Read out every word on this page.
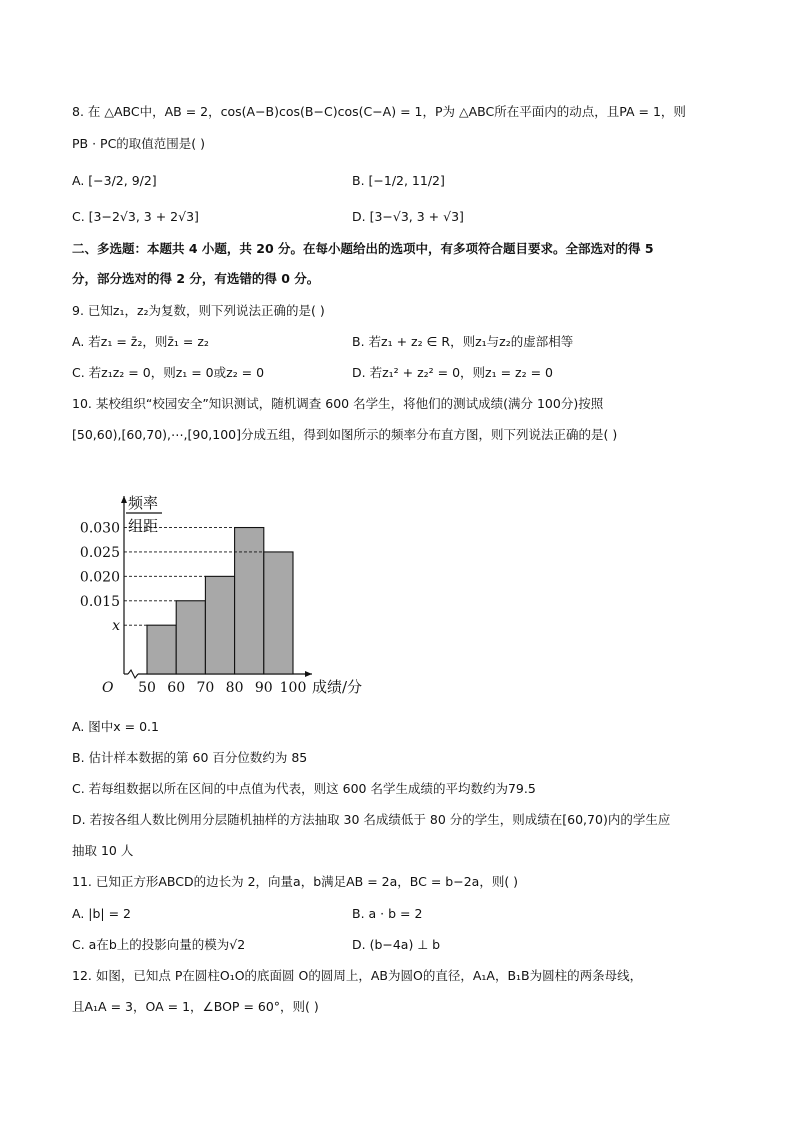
8. 在 △ABC中，AB = 2，cos(A−B)cos(B−C)cos(C−A) = 1，P为 △ABC所在平面内的动点，且PA = 1，则
PB · PC的取值范围是( )
A. [−3/2, 9/2]	B. [−1/2, 11/2]
C. [3−2√3, 3 + 2√3]	D. [3−√3, 3 + √3]
二、多选题：本题共 4 小题，共 20 分。在每小题给出的选项中，有多项符合题目要求。全部选对的得 5
分，部分选对的得 2 分，有选错的得 0 分。
9. 已知z₁，z₂为复数，则下列说法正确的是( )
A. 若z₁ = z̄₂，则z̄₁ = z₂	B. 若z₁ + z₂ ∈ R，则z₁与z₂的虚部相等
C. 若z₁z₂ = 0，则z₁ = 0或z₂ = 0	D. 若z₁² + z₂² = 0，则z₁ = z₂ = 0
10. 某校组织“校园安全”知识测试，随机调查 600 名学生，将他们的测试成绩(满分 100分)按照
[50,60),[60,70),⋯,[90,100]分成五组，得到如图所示的频率分布直方图，则下列说法正确的是( )
频率
组距
x
0.015
0.020
0.025
0.030
50 60 70 80 90 100
O	成绩/分
A. 图中x = 0.1
B. 估计样本数据的第 60 百分位数约为 85
C. 若每组数据以所在区间的中点值为代表，则这 600 名学生成绩的平均数约为79.5
D. 若按各组人数比例用分层随机抽样的方法抽取 30 名成绩低于 80 分的学生，则成绩在[60,70)内的学生应
抽取 10 人
11. 已知正方形ABCD的边长为 2，向量a，b满足AB = 2a，BC = b−2a，则( )
A. |b| = 2	B. a · b = 2
C. a在b上的投影向量的模为√2	D. (b−4a) ⊥ b
12. 如图，已知点 P在圆柱O₁O的底面圆 O的圆周上，AB为圆O的直径，A₁A，B₁B为圆柱的两条母线，
且A₁A = 3，OA = 1，∠BOP = 60°，则( )
